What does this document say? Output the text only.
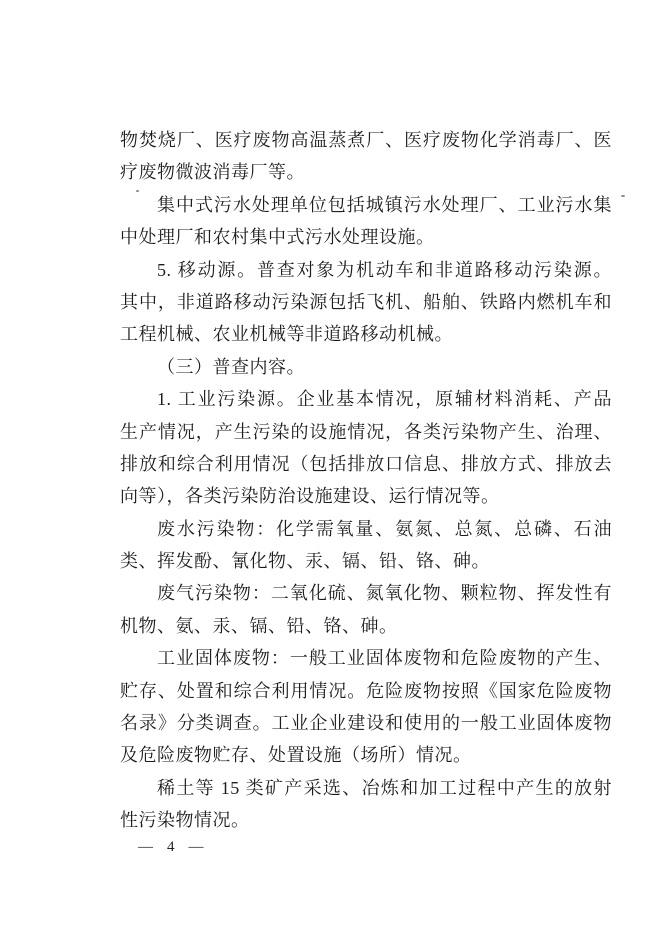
物焚烧厂、医疗废物高温蒸煮厂、医疗废物化学消毒厂、医
疗废物微波消毒厂等。
集中式污水处理单位包括城镇污水处理厂、工业污水集
中处理厂和农村集中式污水处理设施。
5. 移动源。普查对象为机动车和非道路移动污染源。
其中，非道路移动污染源包括飞机、船舶、铁路内燃机车和
工程机械、农业机械等非道路移动机械。
（三）普查内容。
1. 工业污染源。企业基本情况，原辅材料消耗、产品
生产情况，产生污染的设施情况，各类污染物产生、治理、
排放和综合利用情况（包括排放口信息、排放方式、排放去
向等），各类污染防治设施建设、运行情况等。
废水污染物：化学需氧量、氨氮、总氮、总磷、石油
类、挥发酚、氰化物、汞、镉、铅、铬、砷。
废气污染物：二氧化硫、氮氧化物、颗粒物、挥发性有
机物、氨、汞、镉、铅、铬、砷。
工业固体废物：一般工业固体废物和危险废物的产生、
贮存、处置和综合利用情况。危险废物按照《国家危险废物
名录》分类调查。工业企业建设和使用的一般工业固体废物
及危险废物贮存、处置设施（场所）情况。
稀土等 15 类矿产采选、冶炼和加工过程中产生的放射
性污染物情况。
— 4 —
